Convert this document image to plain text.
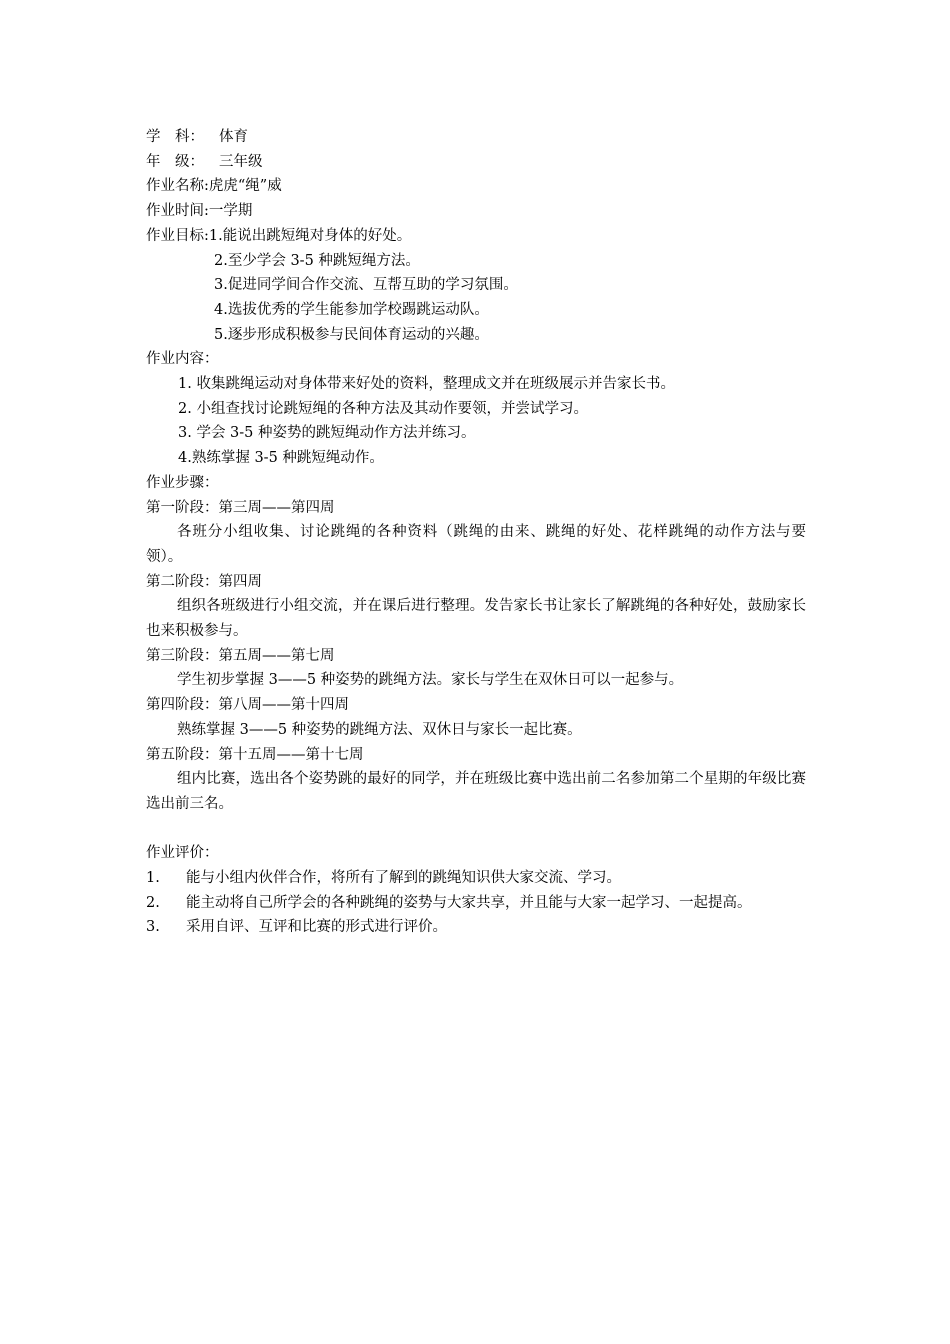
学　科：	体育
年　级：	三年级
作业名称:虎虎“绳”威
作业时间:一学期
作业目标:1.能说出跳短绳对身体的好处。
2.至少学会 3-5 种跳短绳方法。
3.促进同学间合作交流、互帮互助的学习氛围。
4.选拔优秀的学生能参加学校踢跳运动队。
5.逐步形成积极参与民间体育运动的兴趣。
作业内容：
1. 收集跳绳运动对身体带来好处的资料，整理成文并在班级展示并告家长书。
2. 小组查找讨论跳短绳的各种方法及其动作要领，并尝试学习。
3. 学会 3-5 种姿势的跳短绳动作方法并练习。
4.熟练掌握 3-5 种跳短绳动作。
作业步骤：
第一阶段：第三周——第四周
各班分小组收集、讨论跳绳的各种资料（跳绳的由来、跳绳的好处、花样跳绳的动作方法与要领）。
第二阶段：第四周
组织各班级进行小组交流，并在课后进行整理。发告家长书让家长了解跳绳的各种好处，鼓励家长也来积极参与。
第三阶段：第五周——第七周
学生初步掌握 3——5 种姿势的跳绳方法。家长与学生在双休日可以一起参与。
第四阶段：第八周——第十四周
熟练掌握 3——5 种姿势的跳绳方法、双休日与家长一起比赛。
第五阶段：第十五周——第十七周
组内比赛，选出各个姿势跳的最好的同学，并在班级比赛中选出前二名参加第二个星期的年级比赛选出前三名。
作业评价：
1.	能与小组内伙伴合作，将所有了解到的跳绳知识供大家交流、学习。
2. 能主动将自己所学会的各种跳绳的姿势与大家共享，并且能与大家一起学习、一起提高。
3.	采用自评、互评和比赛的形式进行评价。
